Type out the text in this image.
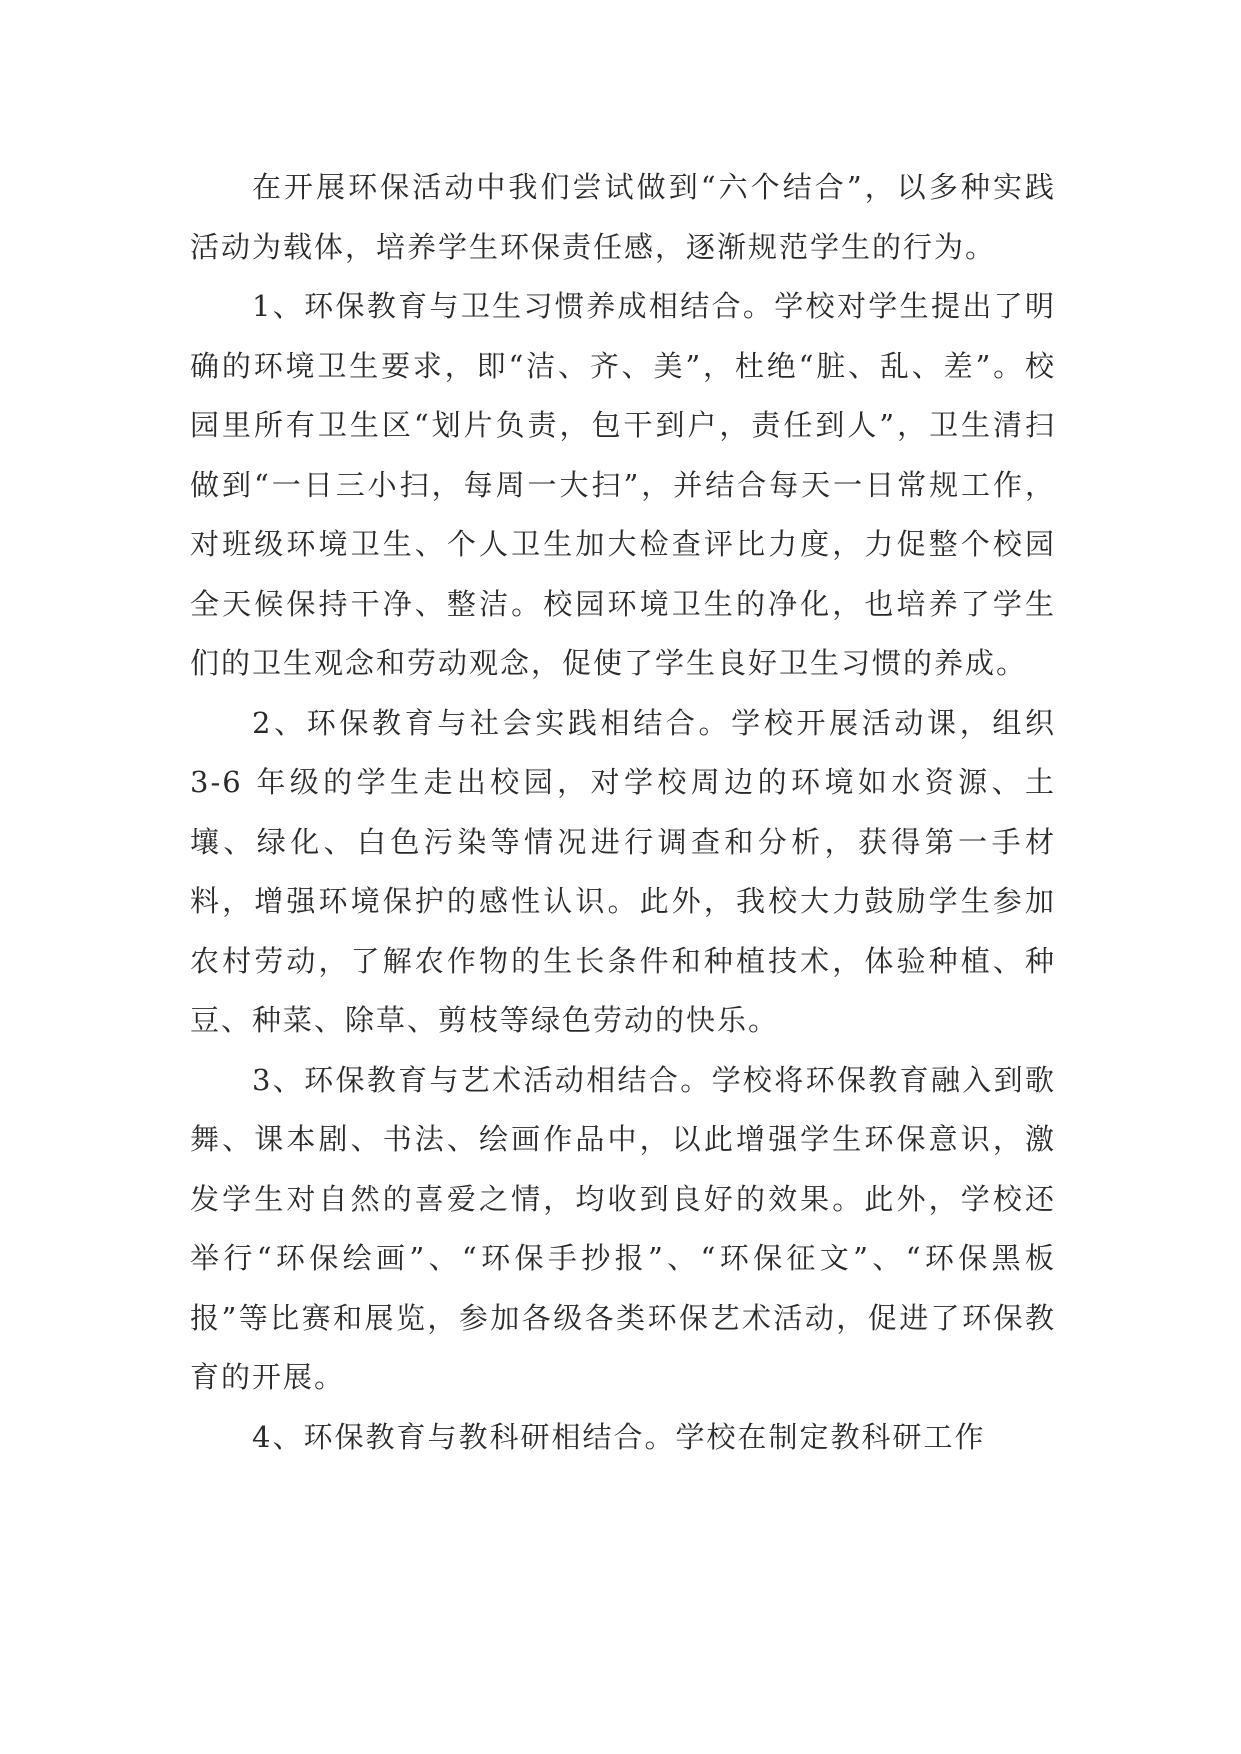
在开展环保活动中我们尝试做到“六个结合”，以多种实践活动为载体，培养学生环保责任感，逐渐规范学生的行为。

1、环保教育与卫生习惯养成相结合。学校对学生提出了明确的环境卫生要求，即“洁、齐、美”，杜绝“脏、乱、差”。校园里所有卫生区“划片负责，包干到户，责任到人”，卫生清扫做到“一日三小扫，每周一大扫”，并结合每天一日常规工作，对班级环境卫生、个人卫生加大检查评比力度，力促整个校园全天候保持干净、整洁。校园环境卫生的净化，也培养了学生们的卫生观念和劳动观念，促使了学生良好卫生习惯的养成。

2、环保教育与社会实践相结合。学校开展活动课，组织 3-6 年级的学生走出校园，对学校周边的环境如水资源、土壤、绿化、白色污染等情况进行调查和分析，获得第一手材料，增强环境保护的感性认识。此外，我校大力鼓励学生参加农村劳动，了解农作物的生长条件和种植技术，体验种植、种豆、种菜、除草、剪枝等绿色劳动的快乐。

3、环保教育与艺术活动相结合。学校将环保教育融入到歌舞、课本剧、书法、绘画作品中，以此增强学生环保意识，激发学生对自然的喜爱之情，均收到良好的效果。此外，学校还举行“环保绘画”、“环保手抄报”、“环保征文”、“环保黑板报”等比赛和展览，参加各级各类环保艺术活动，促进了环保教育的开展。

4、环保教育与教科研相结合。学校在制定教科研工作
